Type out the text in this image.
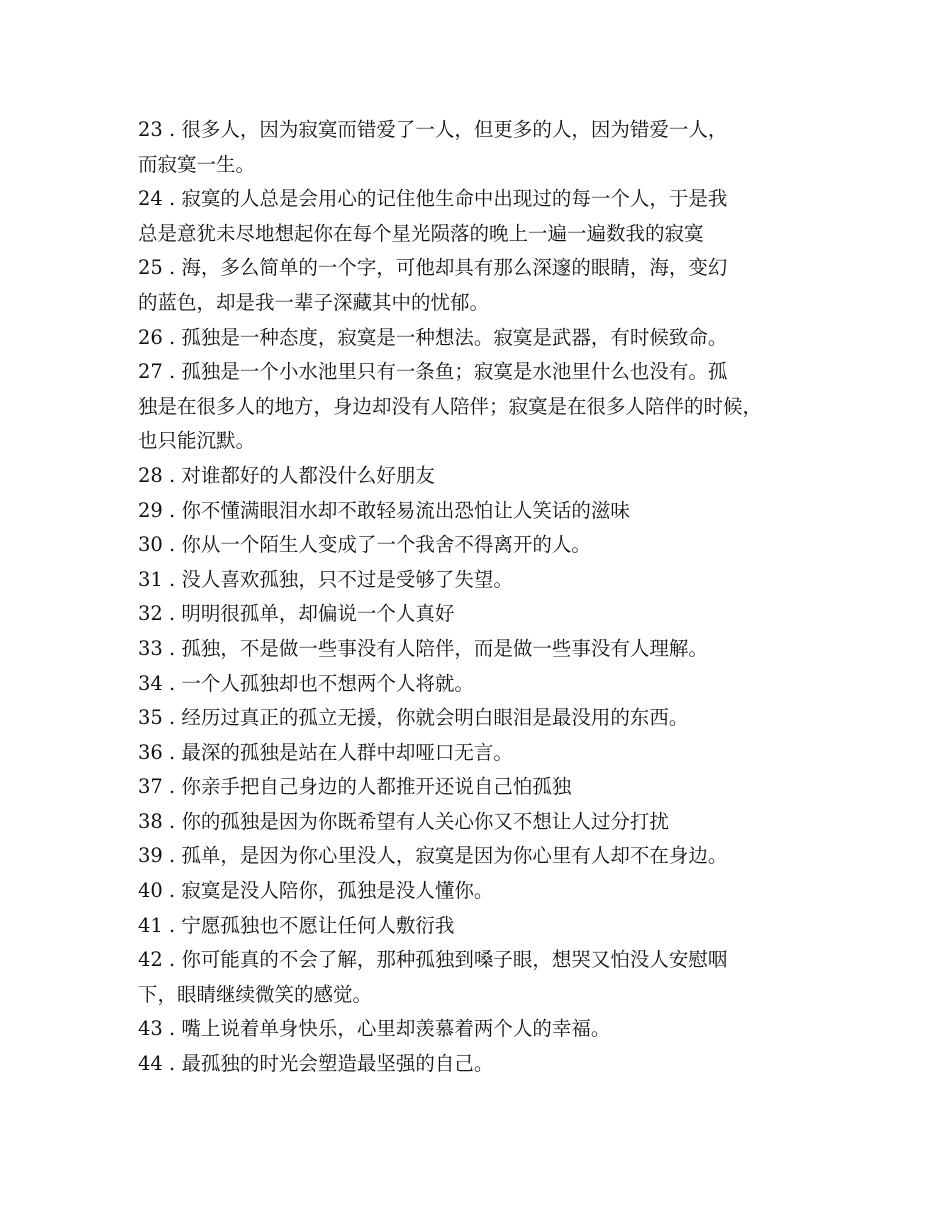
23 . 很多人，因为寂寞而错爱了一人，但更多的人，因为错爱一人，
而寂寞一生。
24 . 寂寞的人总是会用心的记住他生命中出现过的每一个人，于是我
总是意犹未尽地想起你在每个星光陨落的晚上一遍一遍数我的寂寞
25 . 海，多么简单的一个字，可他却具有那么深邃的眼睛，海，变幻
的蓝色，却是我一辈子深藏其中的忧郁。
26 . 孤独是一种态度，寂寞是一种想法。寂寞是武器，有时候致命。
27 . 孤独是一个小水池里只有一条鱼；寂寞是水池里什么也没有。孤
独是在很多人的地方，身边却没有人陪伴；寂寞是在很多人陪伴的时候，
也只能沉默。
28 . 对谁都好的人都没什么好朋友
29 . 你不懂满眼泪水却不敢轻易流出恐怕让人笑话的滋味
30 . 你从一个陌生人变成了一个我舍不得离开的人。
31 . 没人喜欢孤独，只不过是受够了失望。
32 . 明明很孤单，却偏说一个人真好
33 . 孤独，不是做一些事没有人陪伴，而是做一些事没有人理解。
34 . 一个人孤独却也不想两个人将就。
35 . 经历过真正的孤立无援，你就会明白眼泪是最没用的东西。
36 . 最深的孤独是站在人群中却哑口无言。
37 . 你亲手把自己身边的人都推开还说自己怕孤独
38 . 你的孤独是因为你既希望有人关心你又不想让人过分打扰
39 . 孤单，是因为你心里没人，寂寞是因为你心里有人却不在身边。
40 . 寂寞是没人陪你，孤独是没人懂你。
41 . 宁愿孤独也不愿让任何人敷衍我
42 . 你可能真的不会了解，那种孤独到嗓子眼，想哭又怕没人安慰咽
下，眼睛继续微笑的感觉。
43 . 嘴上说着单身快乐，心里却羡慕着两个人的幸福。
44 . 最孤独的时光会塑造最坚强的自己。
